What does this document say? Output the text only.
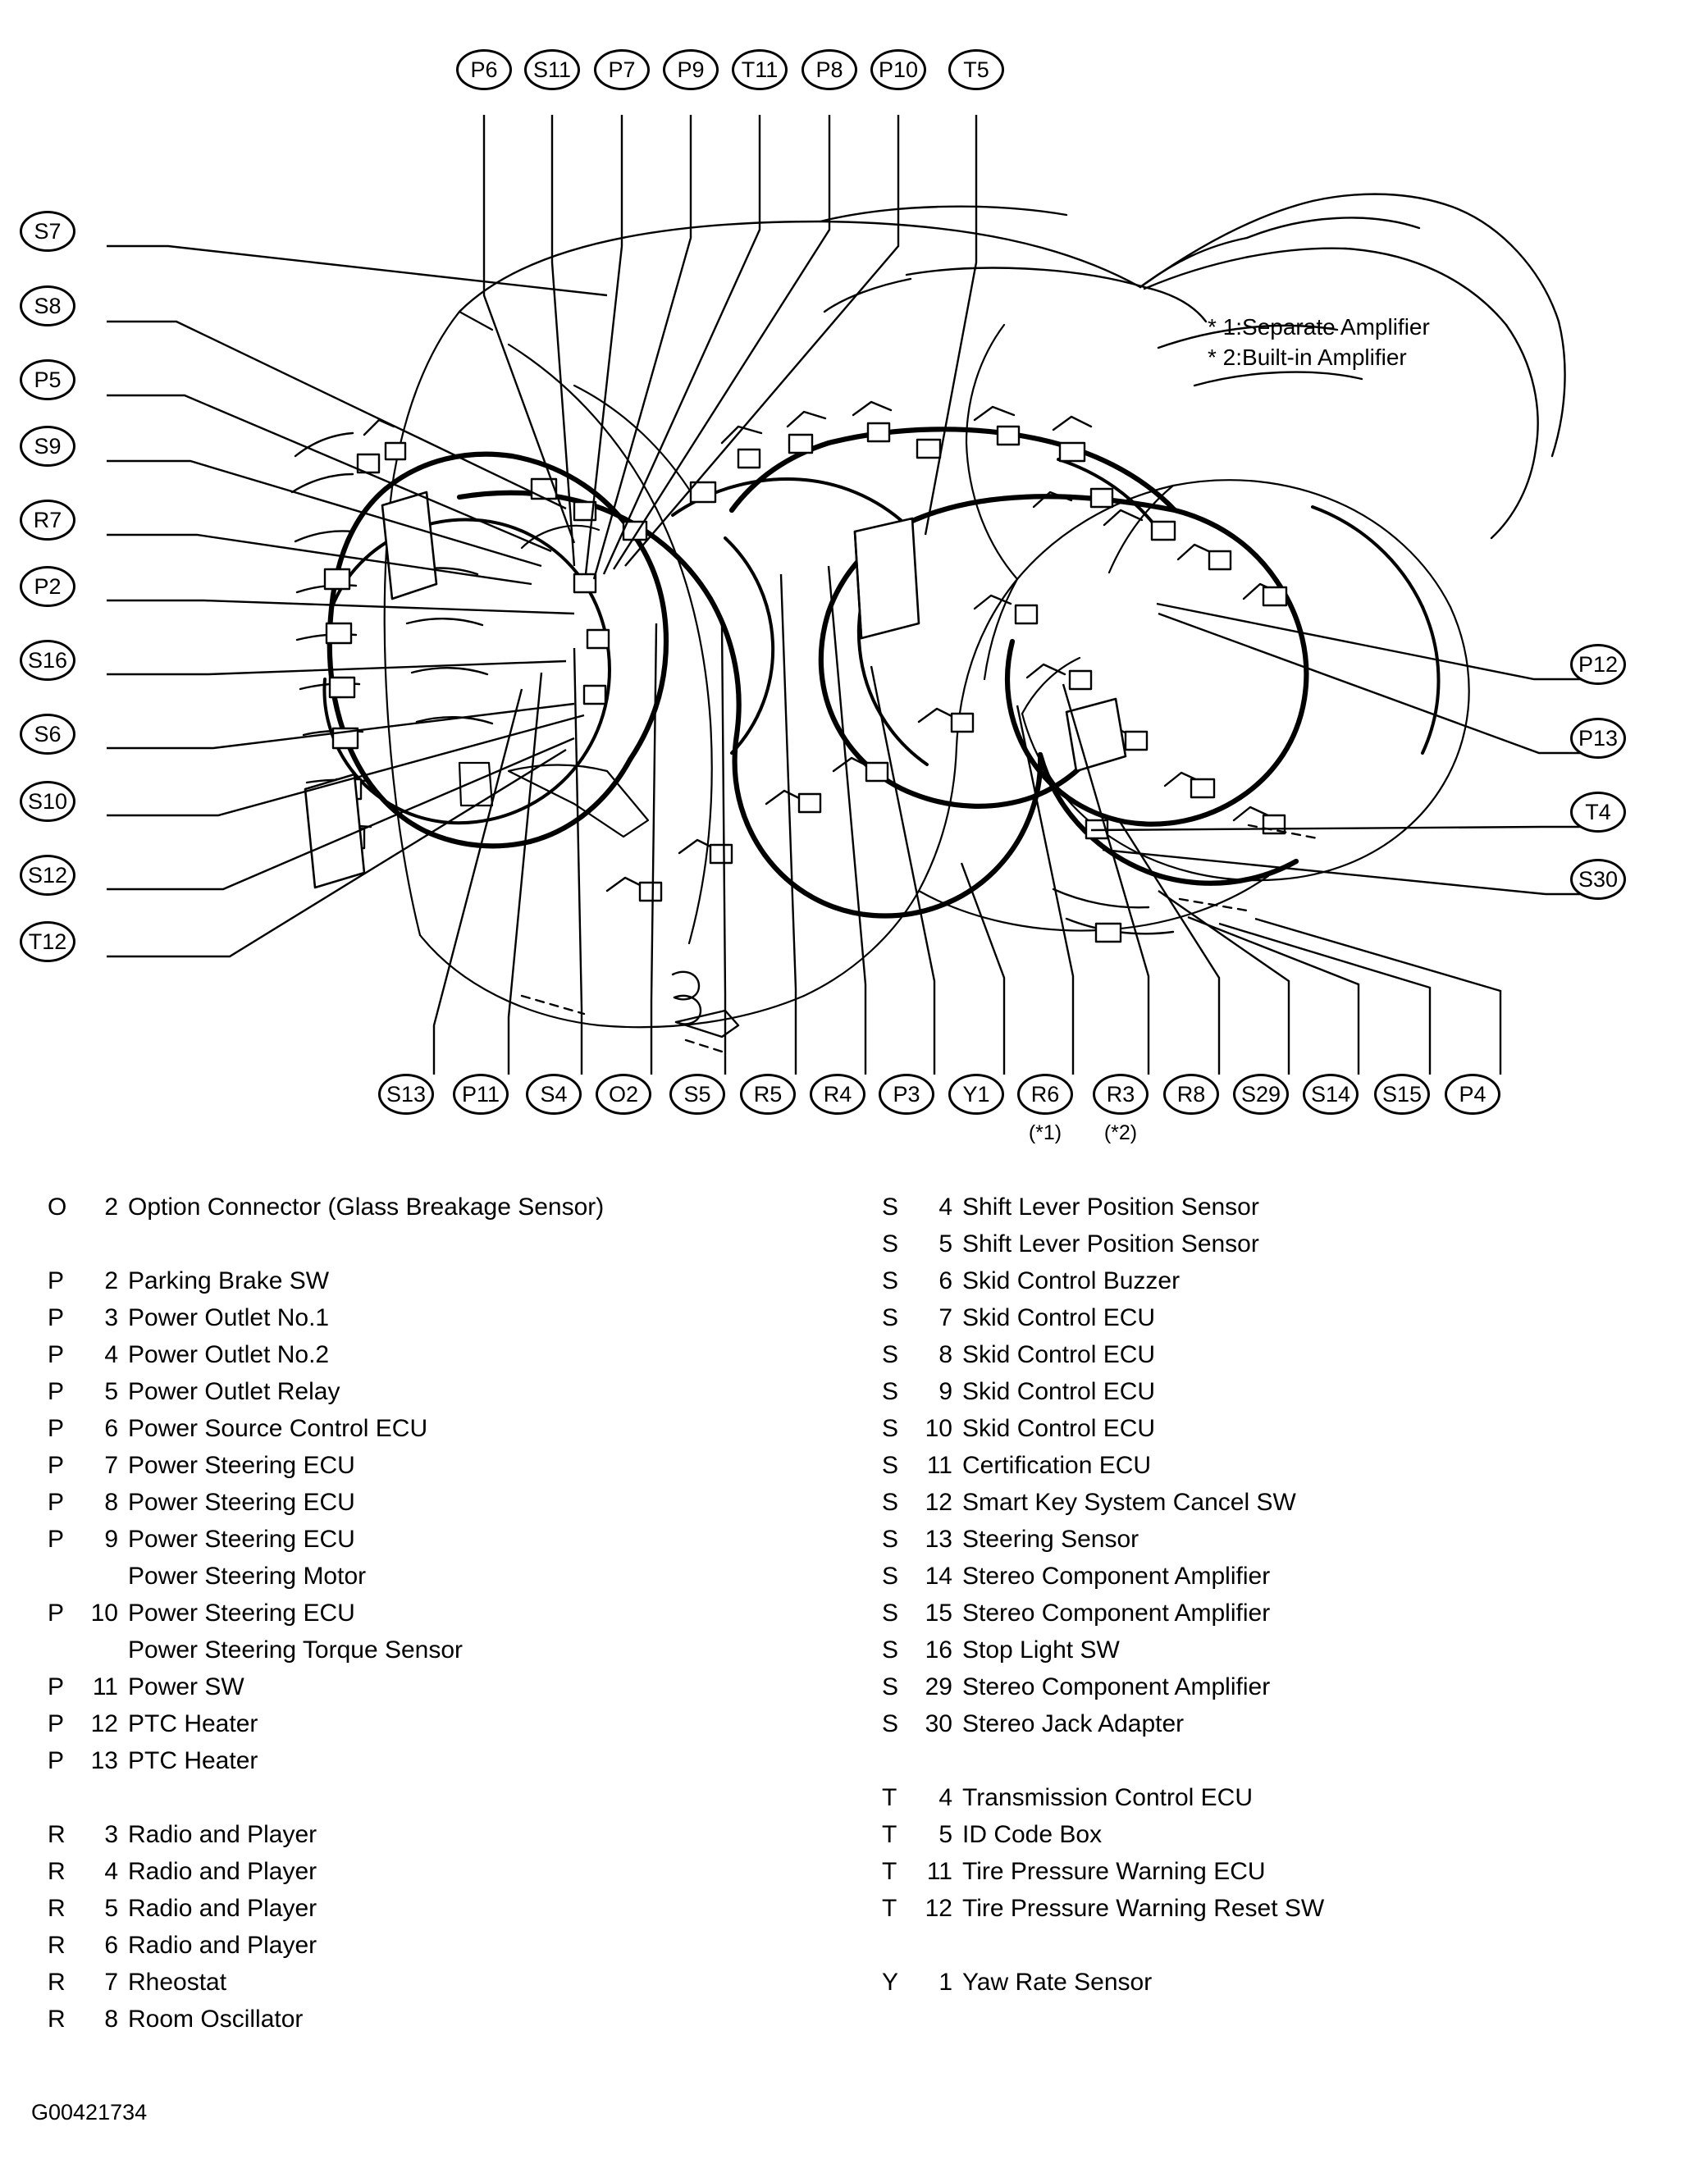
* 1:Separate Amplifier
* 2:Built-in Amplifier
P6	S11	P7	P9	T11	P8	P10	T5
S7
S8
P5
S9
R7
P2
S16
S6
S10
S12
T12
P12
P13
T4
S30
S13	P11	S4	O2	S5	R5	R4	P3	Y1	R6
(*1)
R3
(*2)
R8	S29	S14	S15	P4
O	2 Option Connector (Glass Breakage Sensor)
P	2 Parking Brake SW
P	3 Power Outlet No.1
P	4 Power Outlet No.2
P	5 Power Outlet Relay
P	6 Power Source Control ECU
P	7 Power Steering ECU
P	8 Power Steering ECU
P	9 Power Steering ECU
Power Steering Motor
P	10 Power Steering ECU
Power Steering Torque Sensor
P	11 Power SW
P	12 PTC Heater
P	13 PTC Heater
R	3 Radio and Player
R	4 Radio and Player
R	5 Radio and Player
R	6 Radio and Player
R	7 Rheostat
R	8 Room Oscillator
S	4 Shift Lever Position Sensor
S	5 Shift Lever Position Sensor
S	6 Skid Control Buzzer
S	7 Skid Control ECU
S	8 Skid Control ECU
S	9 Skid Control ECU
S	10 Skid Control ECU
S	11 Certification ECU
S	12 Smart Key System Cancel SW
S	13 Steering Sensor
S	14 Stereo Component Amplifier
S	15 Stereo Component Amplifier
S	16 Stop Light SW
S	29 Stereo Component Amplifier
S	30 Stereo Jack Adapter
T	4 Transmission Control ECU
T	5 ID Code Box
T	11 Tire Pressure Warning ECU
T	12 Tire Pressure Warning Reset SW
Y	1 Yaw Rate Sensor
G00421734
